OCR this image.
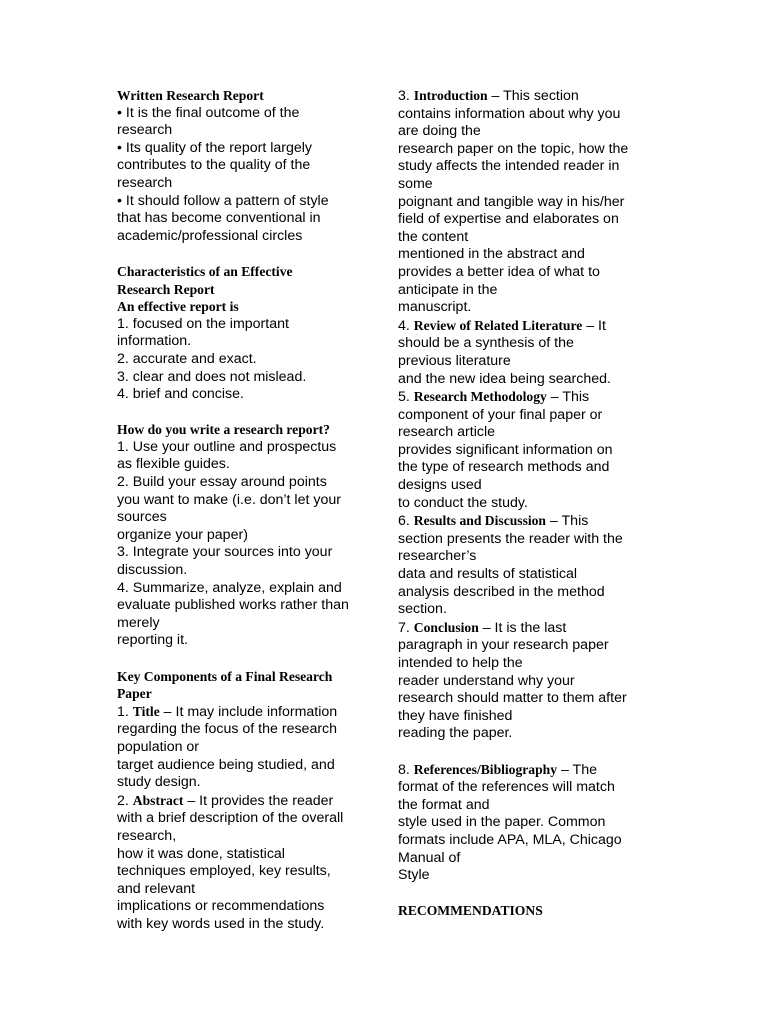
Written Research Report

• It is the final outcome of the

research

• Its quality of the report largely

contributes to the quality of the

research

• It should follow a pattern of style

that has become conventional in

academic/professional circles

Characteristics of an Effective
Research Report
An effective report is

1. focused on the important

information.

2. accurate and exact.

3. clear and does not mislead.

4. brief and concise.

How do you write a research report?

1. Use your outline and prospectus

as flexible guides.

2. Build your essay around points

you want to make (i.e. don’t let your

sources

organize your paper)

3. Integrate your sources into your

discussion.

4. Summarize, analyze, explain and

evaluate published works rather than

merely

reporting it.

Key Components of a Final Research
Paper

1. Title – It may include information

regarding the focus of the research

population or

target audience being studied, and

study design.

2. Abstract – It provides the reader

with a brief description of the overall

research,

how it was done, statistical

techniques employed, key results,

and relevant

implications or recommendations

with key words used in the study.

3. Introduction – This section

contains information about why you

are doing the

research paper on the topic, how the

study affects the intended reader in

some

poignant and tangible way in his/her

field of expertise and elaborates on

the content

mentioned in the abstract and

provides a better idea of what to

anticipate in the

manuscript.

4. Review of Related Literature – It

should be a synthesis of the

previous literature

and the new idea being searched.

5. Research Methodology – This

component of your final paper or

research article

provides significant information on

the type of research methods and

designs used

to conduct the study.

6. Results and Discussion – This

section presents the reader with the

researcher’s

data and results of statistical

analysis described in the method

section.

7. Conclusion – It is the last

paragraph in your research paper

intended to help the

reader understand why your

research should matter to them after

they have finished

reading the paper.

8. References/Bibliography – The

format of the references will match

the format and

style used in the paper. Common

formats include APA, MLA, Chicago

Manual of

Style

RECOMMENDATIONS
